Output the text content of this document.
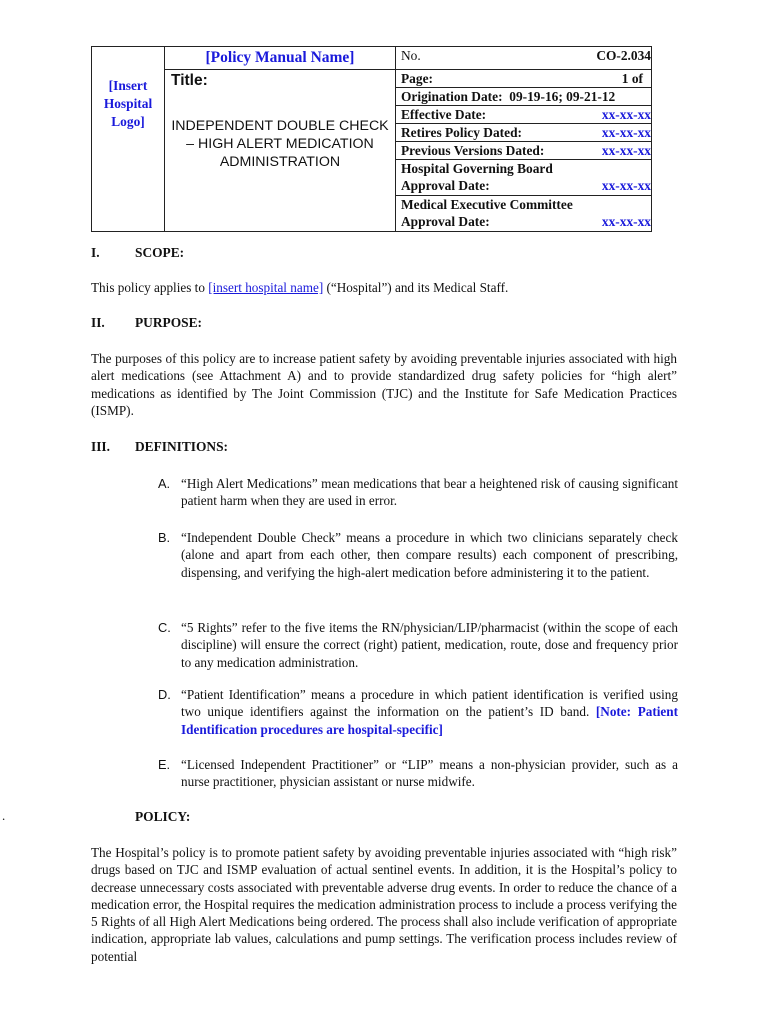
[Insert Hospital Logo]

[Policy Manual Name]
Title:
INDEPENDENT DOUBLE CHECK – HIGH ALERT MEDICATION ADMINISTRATION
	No.	CO-2.034

Page:	1 of

Origination Date: 09-19-16; 09-21-12
Effective Date:	xx-xx-xx

Retires Policy Dated:	xx-xx-xx

Previous Versions Dated:	xx-xx-xx

Hospital Governing Board
Approval Date:	xx-xx-xx

Medical Executive Committee
Approval Date:	xx-xx-xx
I.	SCOPE:
This policy applies to [insert hospital name] (“Hospital”) and its Medical Staff.
II. PURPOSE:
The purposes of this policy are to increase patient safety by avoiding preventable injuries associated with high alert medications (see Attachment A) and to provide standardized drug safety policies for “high alert” medications as identified by The Joint Commission (TJC) and the Institute for Safe Medication Practices (ISMP).
III. DEFINITIONS:
A. “High Alert Medications” mean medications that bear a heightened risk of causing significant patient harm when they are used in error.
B. “Independent Double Check” means a procedure in which two clinicians separately check (alone and apart from each other, then compare results) each component of prescribing, dispensing, and verifying the high-alert medication before administering it to the patient.
C. “5 Rights” refer to the five items the RN/physician/LIP/pharmacist (within the scope of each discipline) will ensure the correct (right) patient, medication, route, dose and frequency prior to any medication administration.
D. “Patient Identification” means a procedure in which patient identification is verified using two unique identifiers against the information on the patient’s ID band. [Note: Patient Identification procedures are hospital-specific]
E. “Licensed Independent Practitioner” or “LIP” means a non-physician provider, such as a nurse practitioner, physician assistant or nurse midwife.
.	POLICY:
The Hospital’s policy is to promote patient safety by avoiding preventable injuries associated with “high risk” drugs based on TJC and ISMP evaluation of actual sentinel events. In addition, it is the Hospital’s policy to decrease unnecessary costs associated with preventable adverse drug events. In order to reduce the chance of a medication error, the Hospital requires the medication administration process to include a process verifying the 5 Rights of all High Alert Medications being ordered. The process shall also include verification of appropriate indication, appropriate lab values, calculations and pump settings. The verification process includes review of potential
